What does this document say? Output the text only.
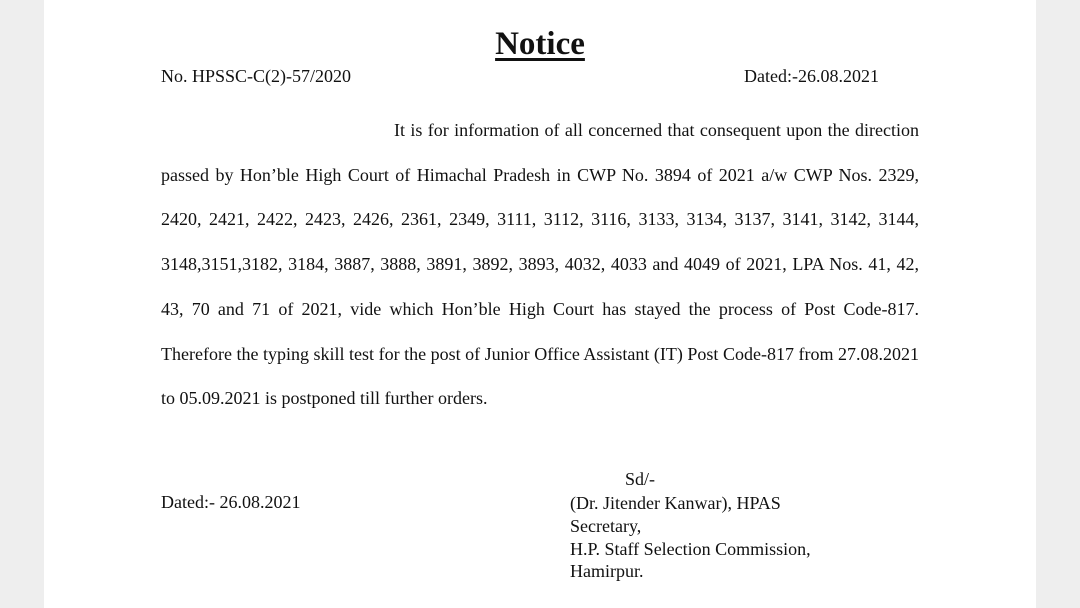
Notice
No. HPSSC-C(2)-57/2020	Dated:-26.08.2021

It is for information of all concerned that consequent upon the direction passed by Hon’ble High Court of Himachal Pradesh in CWP No. 3894 of 2021 a/w CWP Nos. 2329, 2420, 2421, 2422, 2423, 2426, 2361, 2349, 3111, 3112, 3116, 3133, 3134, 3137, 3141, 3142, 3144, 3148,3151,3182, 3184, 3887, 3888, 3891, 3892, 3893, 4032, 4033 and 4049 of 2021, LPA Nos. 41, 42, 43, 70 and 71 of 2021, vide which Hon’ble High Court has stayed the process of Post Code-817. Therefore the typing skill test for the post of Junior Office Assistant (IT) Post Code-817 from 27.08.2021 to 05.09.2021 is postponed till further orders.

Sd/-
Dated:- 26.08.2021	(Dr. Jitender Kanwar), HPAS
Secretary,
H.P. Staff Selection Commission,
Hamirpur.
